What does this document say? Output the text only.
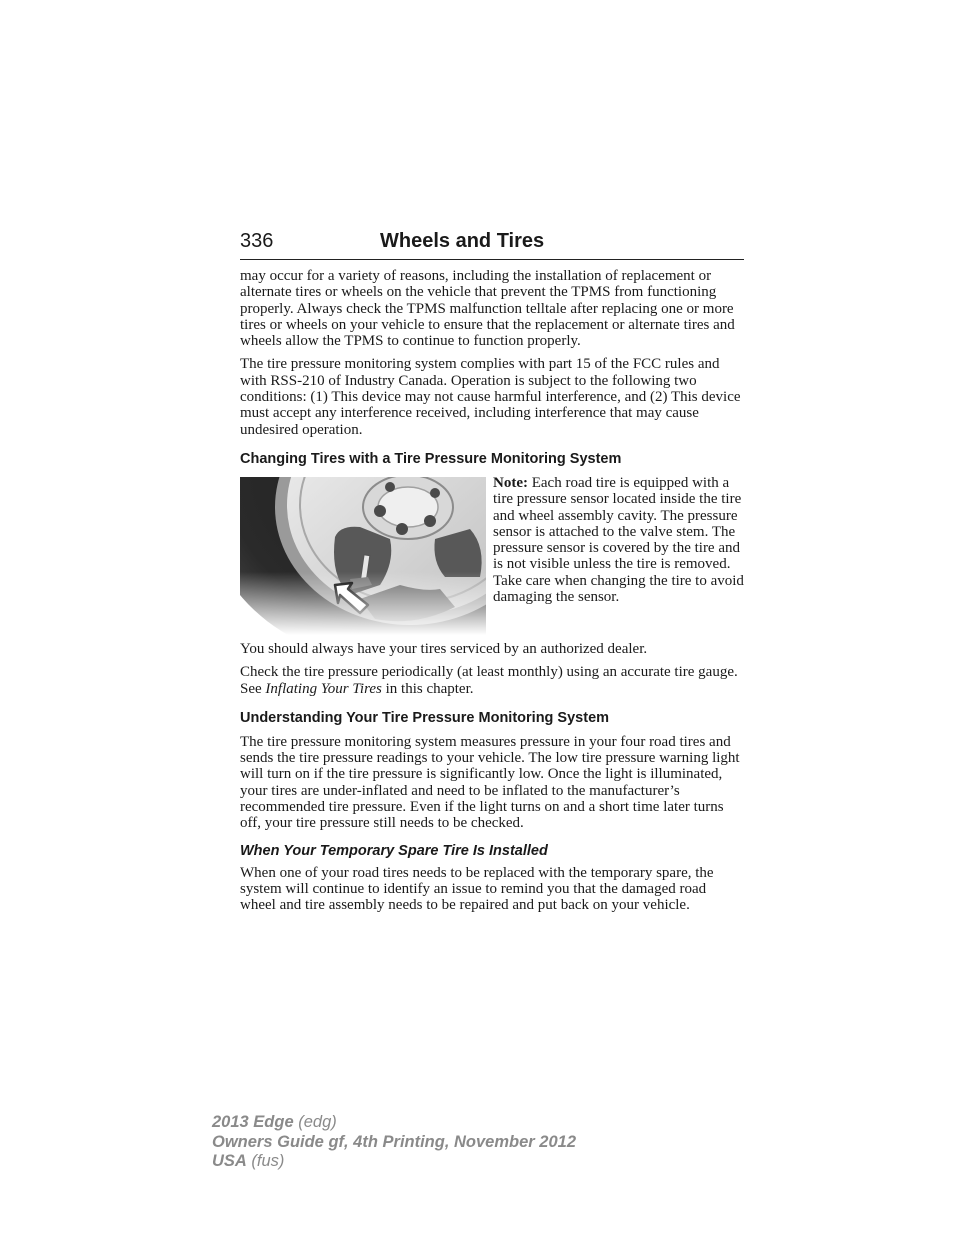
336	Wheels and Tires

may occur for a variety of reasons, including the installation of replacement or alternate tires or wheels on the vehicle that prevent the TPMS from functioning properly. Always check the TPMS malfunction telltale after replacing one or more tires or wheels on your vehicle to ensure that the replacement or alternate tires and wheels allow the TPMS to continue to function properly.

The tire pressure monitoring system complies with part 15 of the FCC rules and with RSS-210 of Industry Canada. Operation is subject to the following two conditions: (1) This device may not cause harmful interference, and (2) This device must accept any interference received, including interference that may cause undesired operation.

Changing Tires with a Tire Pressure Monitoring System

Note: Each road tire is equipped with a tire pressure sensor located inside the tire and wheel assembly cavity. The pressure sensor is attached to the valve stem. The pressure sensor is covered by the tire and is not visible unless the tire is removed. Take care when changing the tire to avoid damaging the sensor.

You should always have your tires serviced by an authorized dealer.

Check the tire pressure periodically (at least monthly) using an accurate tire gauge. See Inflating Your Tires in this chapter.

Understanding Your Tire Pressure Monitoring System

The tire pressure monitoring system measures pressure in your four road tires and sends the tire pressure readings to your vehicle. The low tire pressure warning light will turn on if the tire pressure is significantly low. Once the light is illuminated, your tires are under-inflated and need to be inflated to the manufacturer’s recommended tire pressure. Even if the light turns on and a short time later turns off, your tire pressure still needs to be checked.

When Your Temporary Spare Tire Is Installed

When one of your road tires needs to be replaced with the temporary spare, the system will continue to identify an issue to remind you that the damaged road wheel and tire assembly needs to be repaired and put back on your vehicle.

2013 Edge (edg)
Owners Guide gf, 4th Printing, November 2012
USA (fus)
